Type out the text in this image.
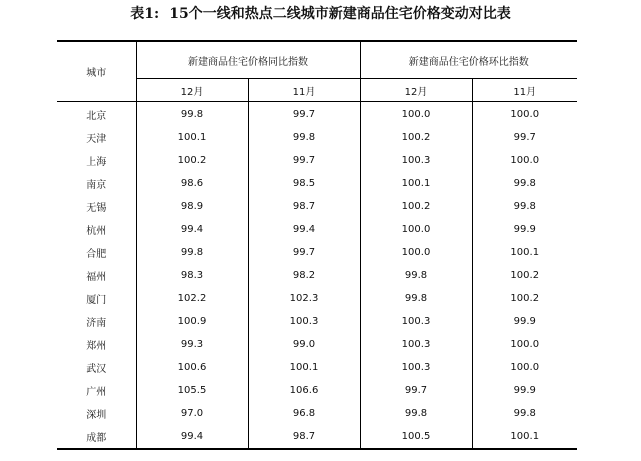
表1: 15个一线和热点二线城市新建商品住宅价格变动对比表
城市	新建商品住宅价格同比指数		新建商品住宅价格环比指数	
	12月	11月	12月	11月
北京	99.8	99.7	100.0	100.0
天津	100.1	99.8	100.2	99.7
上海	100.2	99.7	100.3	100.0
南京	98.6	98.5	100.1	99.8
无锡	98.9	98.7	100.2	99.8
杭州	99.4	99.4	100.0	99.9
合肥	99.8	99.7	100.0	100.1
福州	98.3	98.2	99.8	100.2
厦门	102.2	102.3	99.8	100.2
济南	100.9	100.3	100.3	99.9
郑州	99.3	99.0	100.3	100.0
武汉	100.6	100.1	100.3	100.0
广州	105.5	106.6	99.7	99.9
深圳	97.0	96.8	99.8	99.8
成都	99.4	98.7	100.5	100.1
